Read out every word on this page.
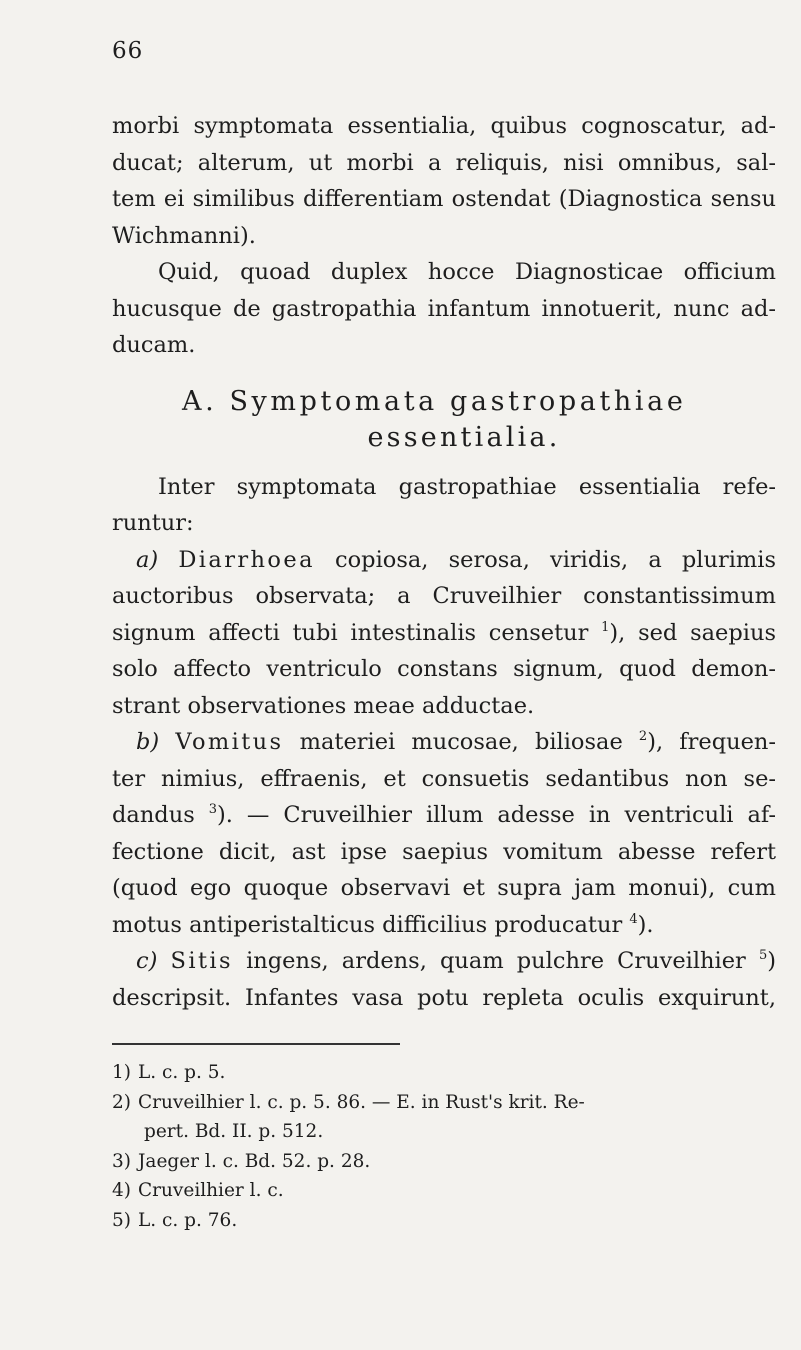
66
morbi symptomata essentialia, quibus cognoscatur, ad-
ducat; alterum, ut morbi a reliquis, nisi omnibus, sal-
tem ei similibus differentiam ostendat (Diagnostica sensu
Wichmanni).
Quid, quoad duplex hocce Diagnosticae officium
hucusque de gastropathia infantum innotuerit, nunc ad-
ducam.
A. Symptomata gastropathiae
essentialia.
Inter symptomata gastropathiae essentialia refe-
runtur:
a) Diarrhoea copiosa, serosa, viridis, a plurimis
auctoribus observata; a Cruveilhier constantissimum
signum affecti tubi intestinalis censetur $^1$), sed saepius
solo affecto ventriculo constans signum, quod demon-
strant observationes meae adductae.
b) Vomitus materiei mucosae, biliosae $^2$), frequen-
ter nimius, effraenis, et consuetis sedantibus non se-
dandus $^3$). — Cruveilhier illum adesse in ventriculi af-
fectione dicit, ast ipse saepius vomitum abesse refert
(quod ego quoque observavi et supra jam monui), cum
motus antiperistalticus difficilius producatur $^4$).
c) Sitis ingens, ardens, quam pulchre Cruveilhier $^5$)
descripsit. Infantes vasa potu repleta oculis exquirunt,
1) L. c. p. 5.
2) Cruveilhier l. c. p. 5. 86. — E. in Rust's krit. Re-
pert. Bd. II. p. 512.
3) Jaeger l. c. Bd. 52. p. 28.
4) Cruveilhier l. c.
5) L. c. p. 76.
